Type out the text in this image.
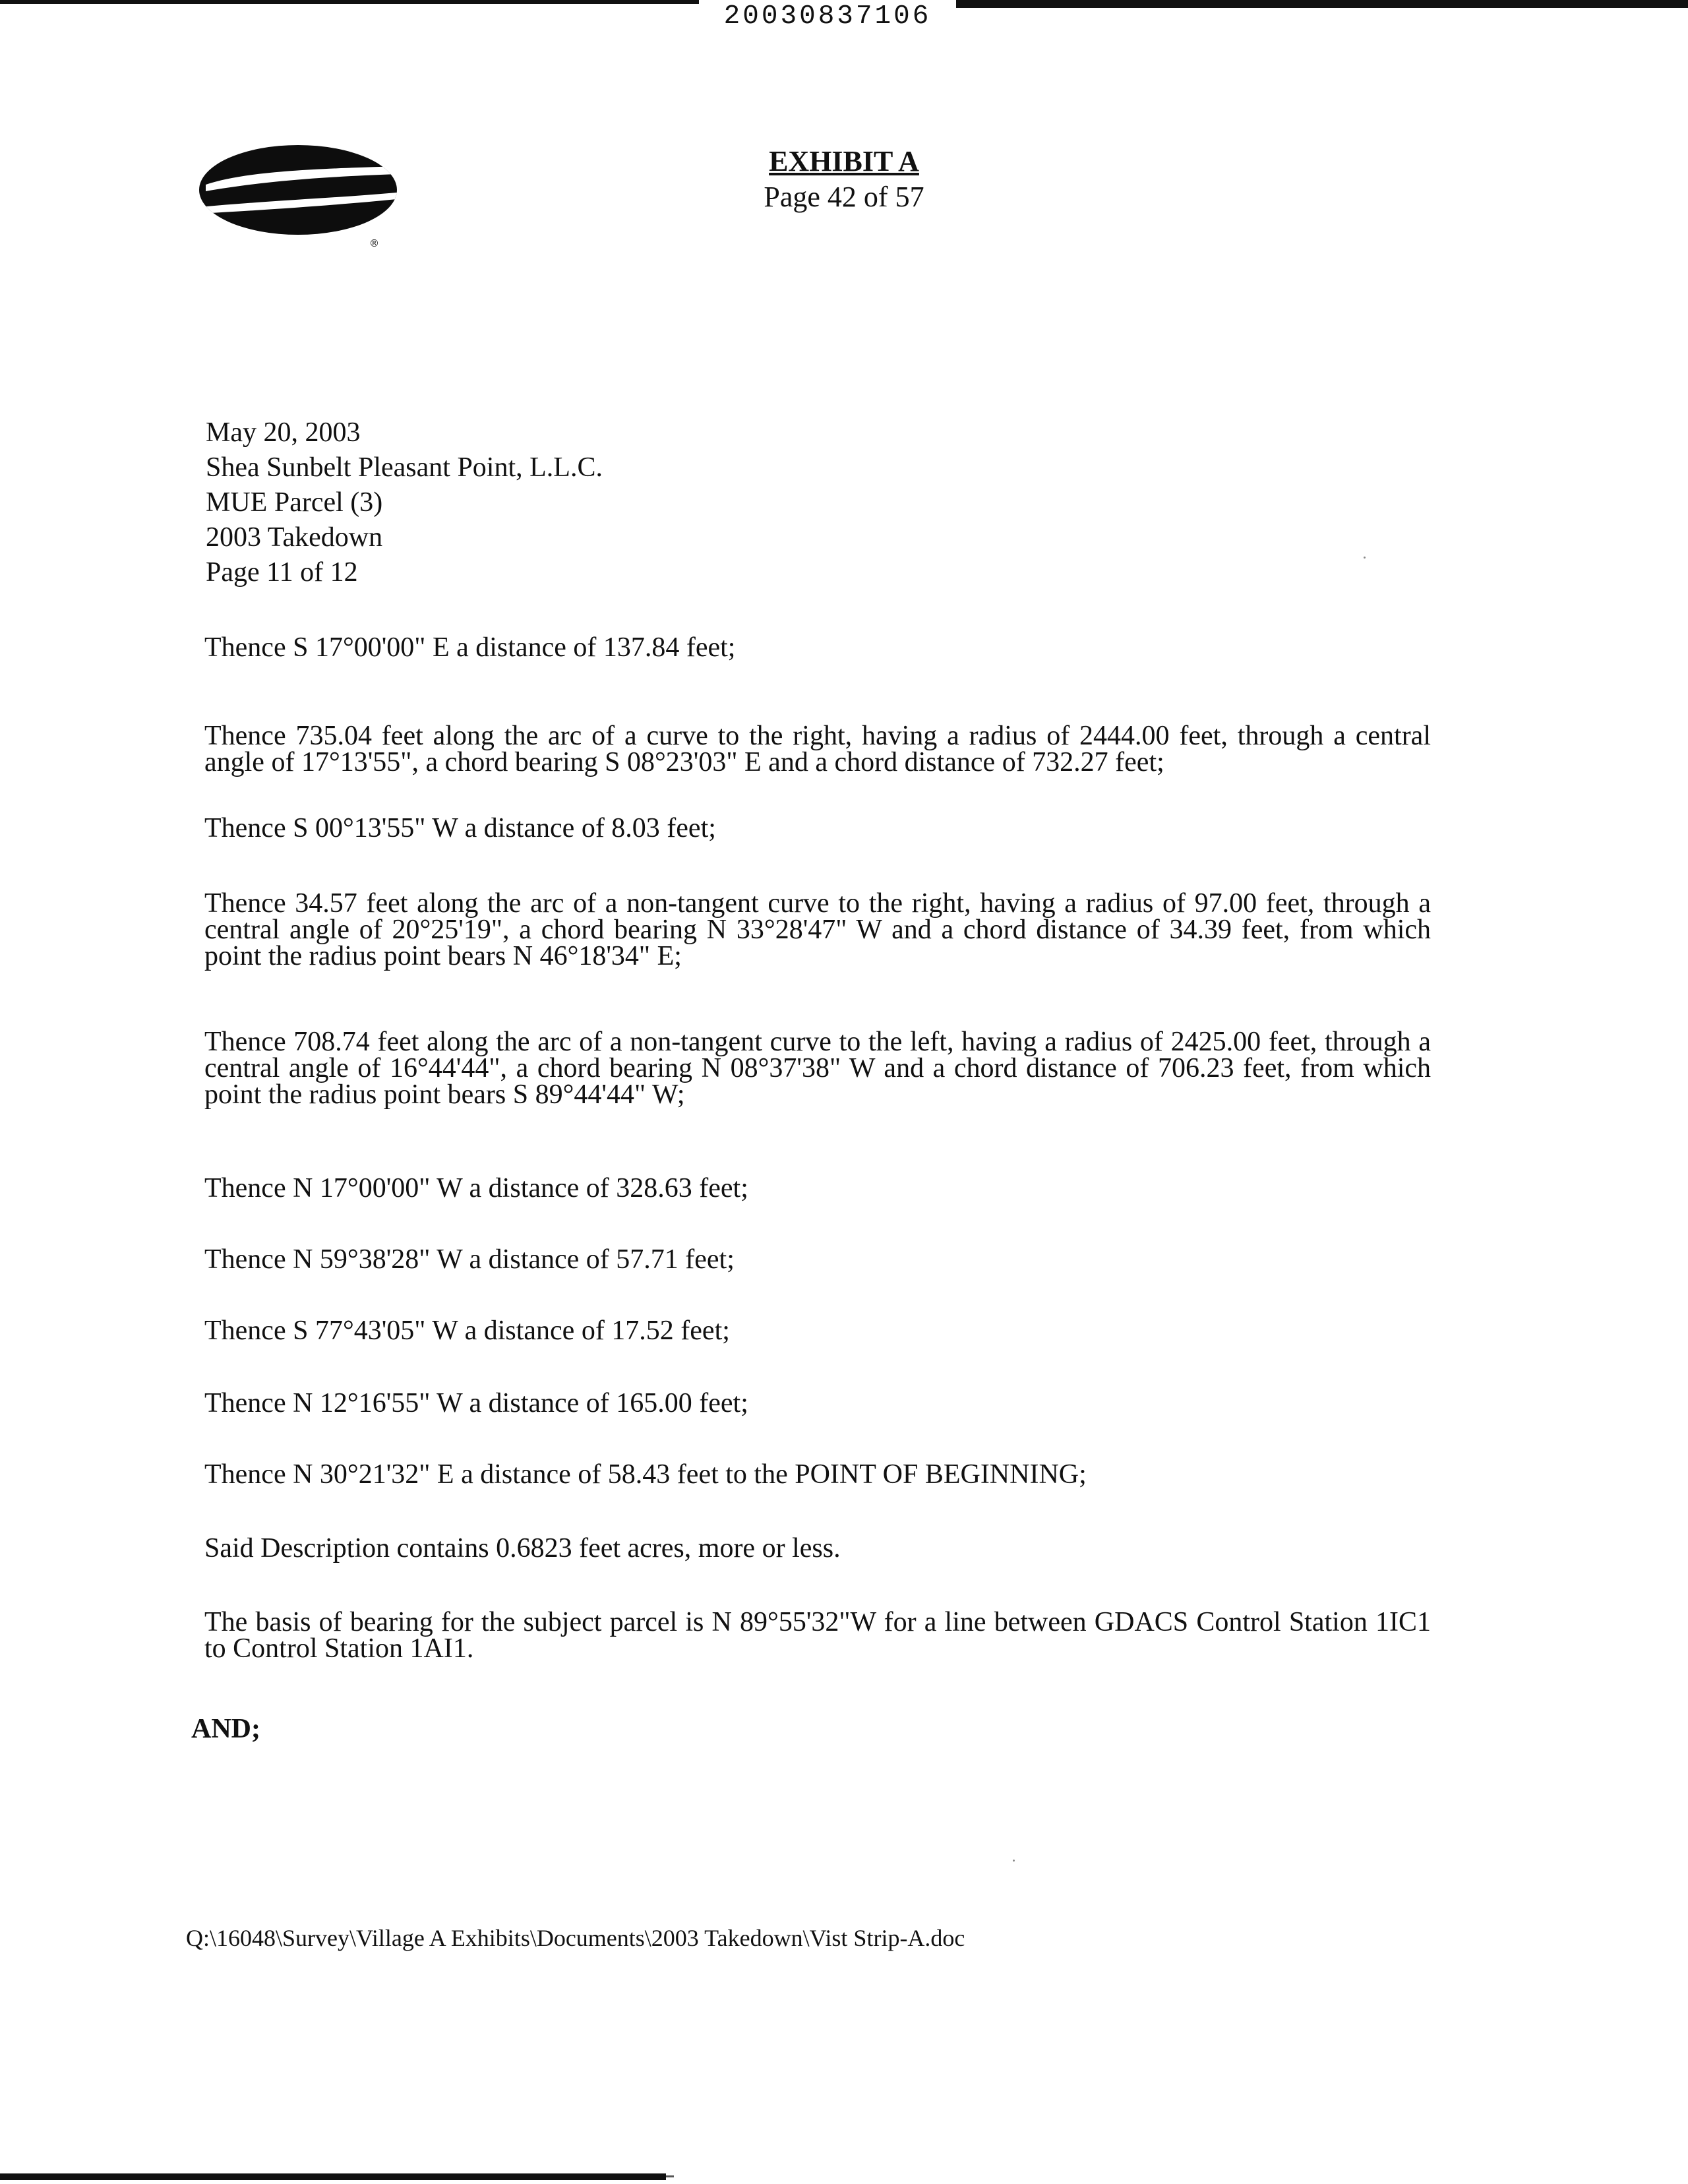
20030837106
®
EXHIBIT A
Page 42 of 57
May 20, 2003
Shea Sunbelt Pleasant Point, L.L.C.
MUE Parcel (3)
2003 Takedown
Page 11 of 12
Thence S 17°00'00" E a distance of 137.84 feet;
Thence 735.04 feet along the arc of a curve to the right, having a radius of 2444.00 feet, through a central angle of 17°13'55", a chord bearing S 08°23'03" E and a chord distance of 732.27 feet;
Thence S 00°13'55" W a distance of 8.03 feet;
Thence 34.57 feet along the arc of a non-tangent curve to the right, having a radius of 97.00 feet, through a central angle of 20°25'19", a chord bearing N 33°28'47" W and a chord distance of 34.39 feet, from which point the radius point bears N 46°18'34" E;
Thence 708.74 feet along the arc of a non-tangent curve to the left, having a radius of 2425.00 feet, through a central angle of 16°44'44", a chord bearing N 08°37'38" W and a chord distance of 706.23 feet, from which point the radius point bears S 89°44'44" W;
Thence N 17°00'00" W a distance of 328.63 feet;
Thence N 59°38'28" W a distance of 57.71 feet;
Thence S 77°43'05" W a distance of 17.52 feet;
Thence N 12°16'55" W a distance of 165.00 feet;
Thence N 30°21'32" E a distance of 58.43 feet to the POINT OF BEGINNING;
Said Description contains 0.6823 feet acres, more or less.
The basis of bearing for the subject parcel is N 89°55'32"W for a line between GDACS Control Station 1IC1 to Control Station 1AI1.
AND;
Q:\16048\Survey\Village A Exhibits\Documents\2003 Takedown\Vist Strip-A.doc
